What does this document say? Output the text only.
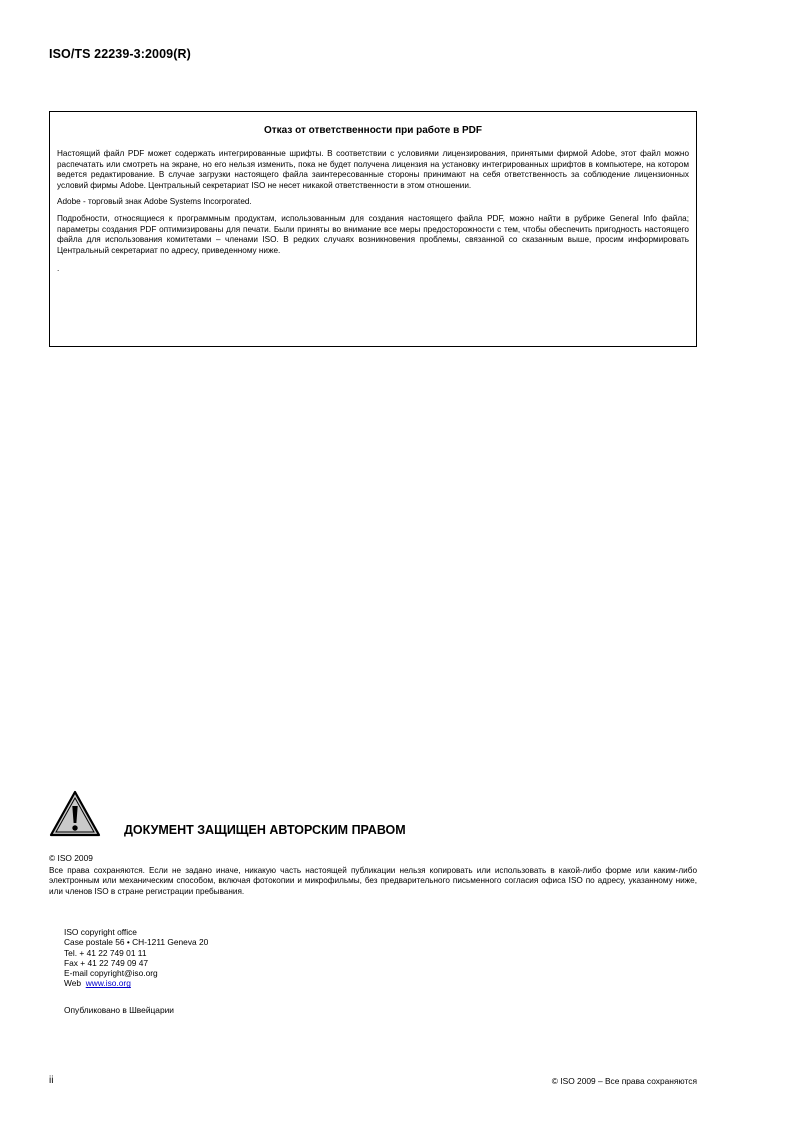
ISO/TS 22239-3:2009(R)
Отказ от ответственности при работе в PDF

Настоящий файл PDF может содержать интегрированные шрифты. В соответствии с условиями лицензирования, принятыми фирмой Adobe, этот файл можно распечатать или смотреть на экране, но его нельзя изменить, пока не будет получена лицензия на установку интегрированных шрифтов в компьютере, на котором ведется редактирование. В случае загрузки настоящего файла заинтересованные стороны принимают на себя ответственность за соблюдение лицензионных условий фирмы Adobe. Центральный секретариат ISO не несет никакой ответственности в этом отношении.

Adobe - торговый знак Adobe Systems Incorporated.

Подробности, относящиеся к программным продуктам, использованным для создания настоящего файла PDF, можно найти в рубрике General Info файла; параметры создания PDF оптимизированы для печати. Были приняты во внимание все меры предосторожности с тем, чтобы обеспечить пригодность настоящего файла для использования комитетами – членами ISO. В редких случаях возникновения проблемы, связанной со сказанным выше, просим информировать Центральный секретариат по адресу, приведенному ниже.

.

ДОКУМЕНТ ЗАЩИЩЕН АВТОРСКИМ ПРАВОМ
© ISO 2009

Все права сохраняются. Если не задано иначе, никакую часть настоящей публикации нельзя копировать или использовать в какой-либо форме или каким-либо электронным или механическим способом, включая фотокопии и микрофильмы, без предварительного письменного согласия офиса ISO по адресу, указанному ниже, или членов ISO в стране регистрации пребывания.

ISO copyright office
Case postale 56 • CH-1211 Geneva 20
Tel. + 41 22 749 01 11
Fax + 41 22 749 09 47
E-mail copyright@iso.org
Web  www.iso.org
Опубликовано в Швейцарии
ii	© ISO 2009 – Все права сохраняются
